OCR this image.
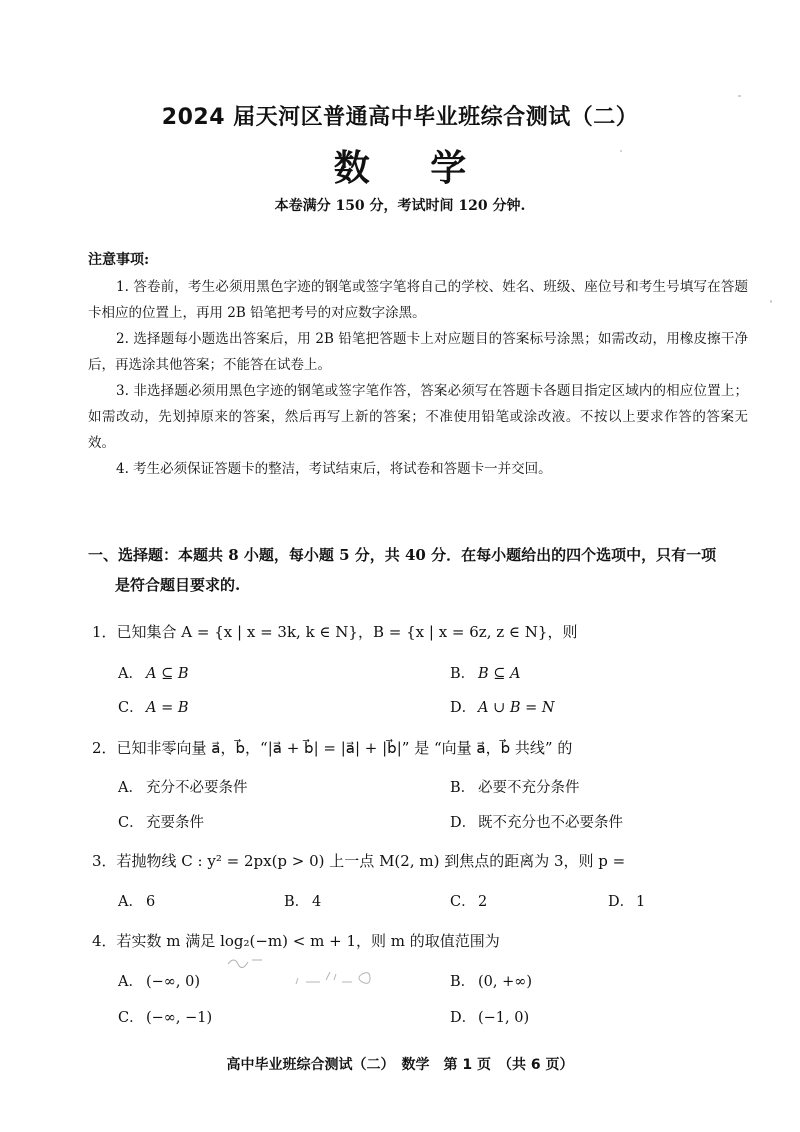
2024 届天河区普通高中毕业班综合测试（二）
数 学
本卷满分 150 分，考试时间 120 分钟.
注意事项:

1. 答卷前，考生必须用黑色字迹的钢笔或签字笔将自己的学校、姓名、班级、座位号和考生号填写在答题卡相应的位置上，再用 2B 铅笔把考号的对应数字涂黑。

2. 选择题每小题选出答案后，用 2B 铅笔把答题卡上对应题目的答案标号涂黑；如需改动，用橡皮擦干净后，再选涂其他答案；不能答在试卷上。

3. 非选择题必须用黑色字迹的钢笔或签字笔作答，答案必须写在答题卡各题目指定区域内的相应位置上；如需改动，先划掉原来的答案，然后再写上新的答案；不准使用铅笔或涂改液。不按以上要求作答的答案无效。

4. 考生必须保证答题卡的整洁，考试结束后，将试卷和答题卡一并交回。

一、选择题：本题共 8 小题，每小题 5 分，共 40 分．在每小题给出的四个选项中，只有一项
是符合题目要求的.
1．已知集合 A = {x | x = 3k, k ∈ N}，B = {x | x = 6z, z ∈ N}，则
A． A ⊆ B	B． B ⊆ A
C． A = B	D． A ∪ B = N
2．已知非零向量 a⃗，b⃗，“|a⃗ + b⃗| = |a⃗| + |b⃗|” 是 “向量 a⃗，b⃗ 共线” 的
A． 充分不必要条件	B． 必要不充分条件
C． 充要条件	D． 既不充分也不必要条件
3．若抛物线 C : y² = 2px(p > 0) 上一点 M(2, m) 到焦点的距离为 3，则 p =
A． 6	B． 4	C． 2	D． 1
4．若实数 m 满足 log₂(−m) < m + 1，则 m 的取值范围为
A． (−∞, 0)	B． (0, +∞)
C． (−∞, −1)	D． (−1, 0)
高中毕业班综合测试（二）　数学　第 1 页　（共 6 页）
